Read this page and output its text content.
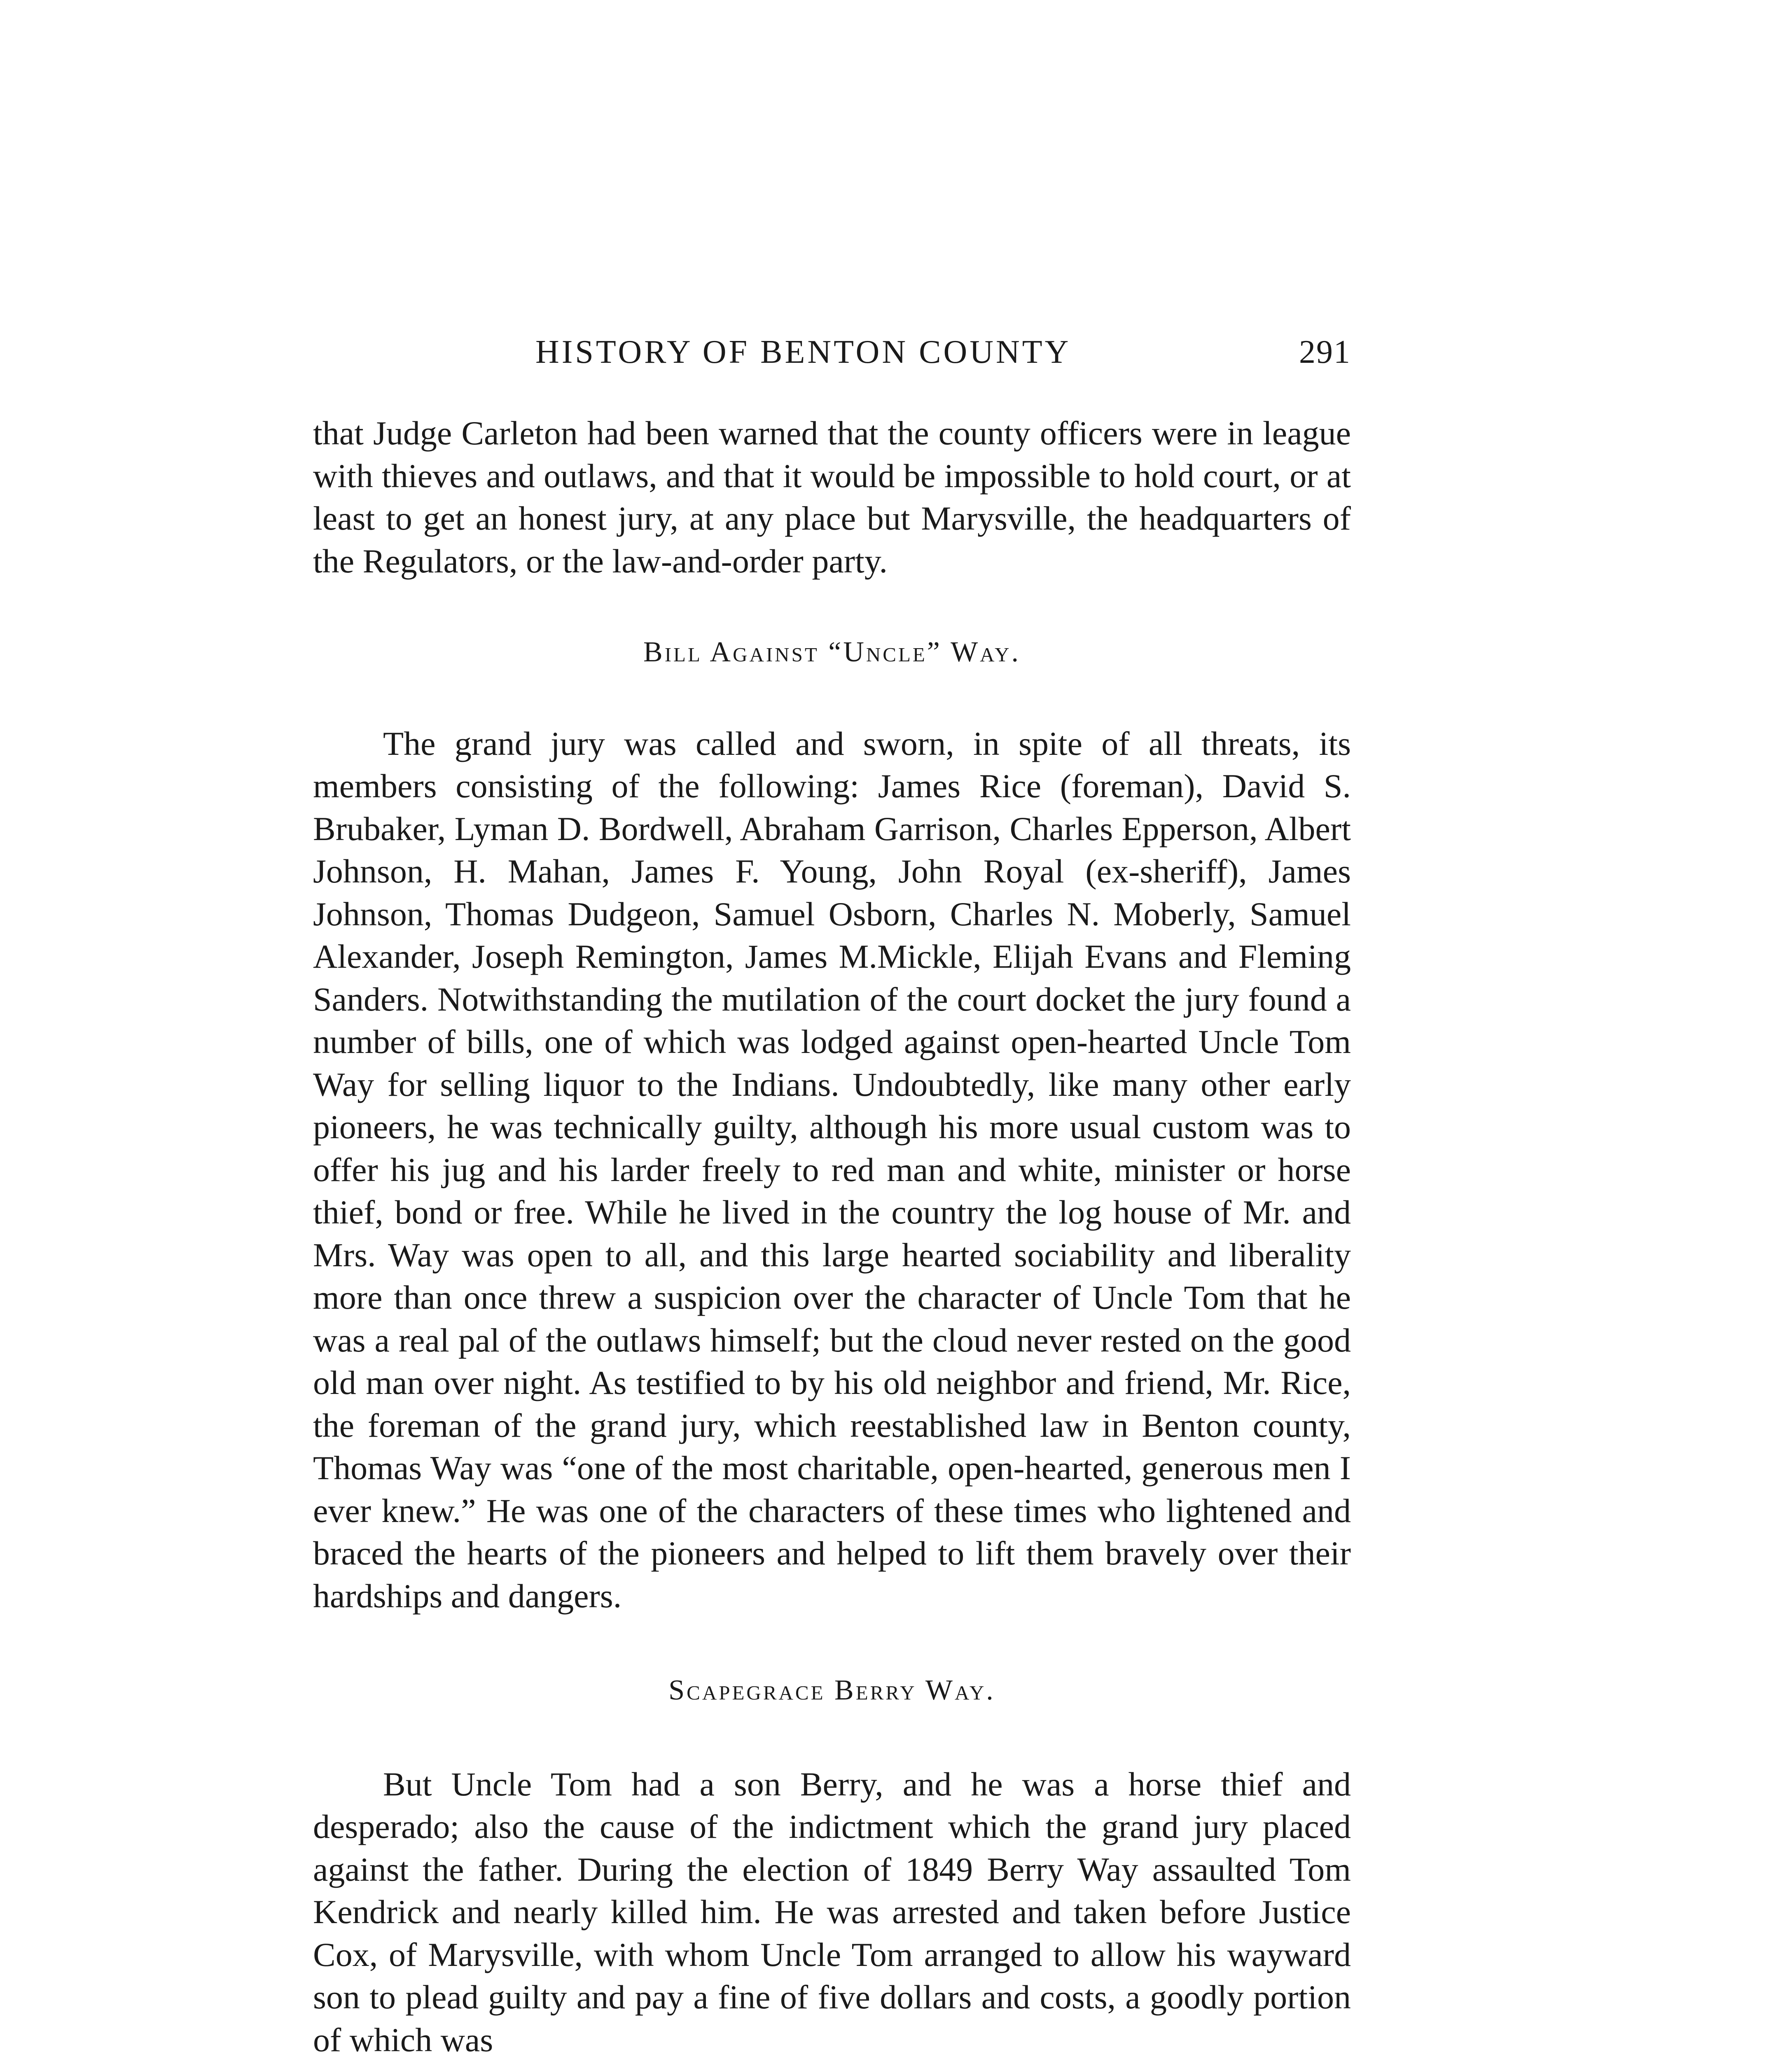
HISTORY OF BENTON COUNTY	291

that Judge Carleton had been warned that the county officers were in league with thieves and outlaws, and that it would be impossible to hold court, or at least to get an honest jury, at any place but Marysville, the headquarters of the Regulators, or the law-and-order party.

Bill Against “Uncle” Way.

The grand jury was called and sworn, in spite of all threats, its members consisting of the following: James Rice (foreman), David S. Brubaker, Lyman D. Bordwell, Abraham Garrison, Charles Epperson, Albert Johnson, H. Mahan, James F. Young, John Royal (ex-sheriff), James Johnson, Thomas Dudgeon, Samuel Osborn, Charles N. Moberly, Samuel Alexander, Joseph Remington, James M.Mickle, Elijah Evans and Fleming Sanders. Notwithstanding the mutilation of the court docket the jury found a number of bills, one of which was lodged against open-hearted Uncle Tom Way for selling liquor to the Indians. Undoubtedly, like many other early pioneers, he was technically guilty, although his more usual custom was to offer his jug and his larder freely to red man and white, minister or horse thief, bond or free. While he lived in the country the log house of Mr. and Mrs. Way was open to all, and this large hearted sociability and liberality more than once threw a suspicion over the character of Uncle Tom that he was a real pal of the outlaws himself; but the cloud never rested on the good old man over night. As testified to by his old neighbor and friend, Mr. Rice, the foreman of the grand jury, which reestablished law in Benton county, Thomas Way was “one of the most charitable, open-hearted, generous men I ever knew.” He was one of the characters of these times who lightened and braced the hearts of the pioneers and helped to lift them bravely over their hardships and dangers.

Scapegrace Berry Way.

But Uncle Tom had a son Berry, and he was a horse thief and desperado; also the cause of the indictment which the grand jury placed against the father. During the election of 1849 Berry Way assaulted Tom Kendrick and nearly killed him. He was arrested and taken before Justice Cox, of Marysville, with whom Uncle Tom arranged to allow his wayward son to plead guilty and pay a fine of five dollars and costs, a goodly portion of which was
